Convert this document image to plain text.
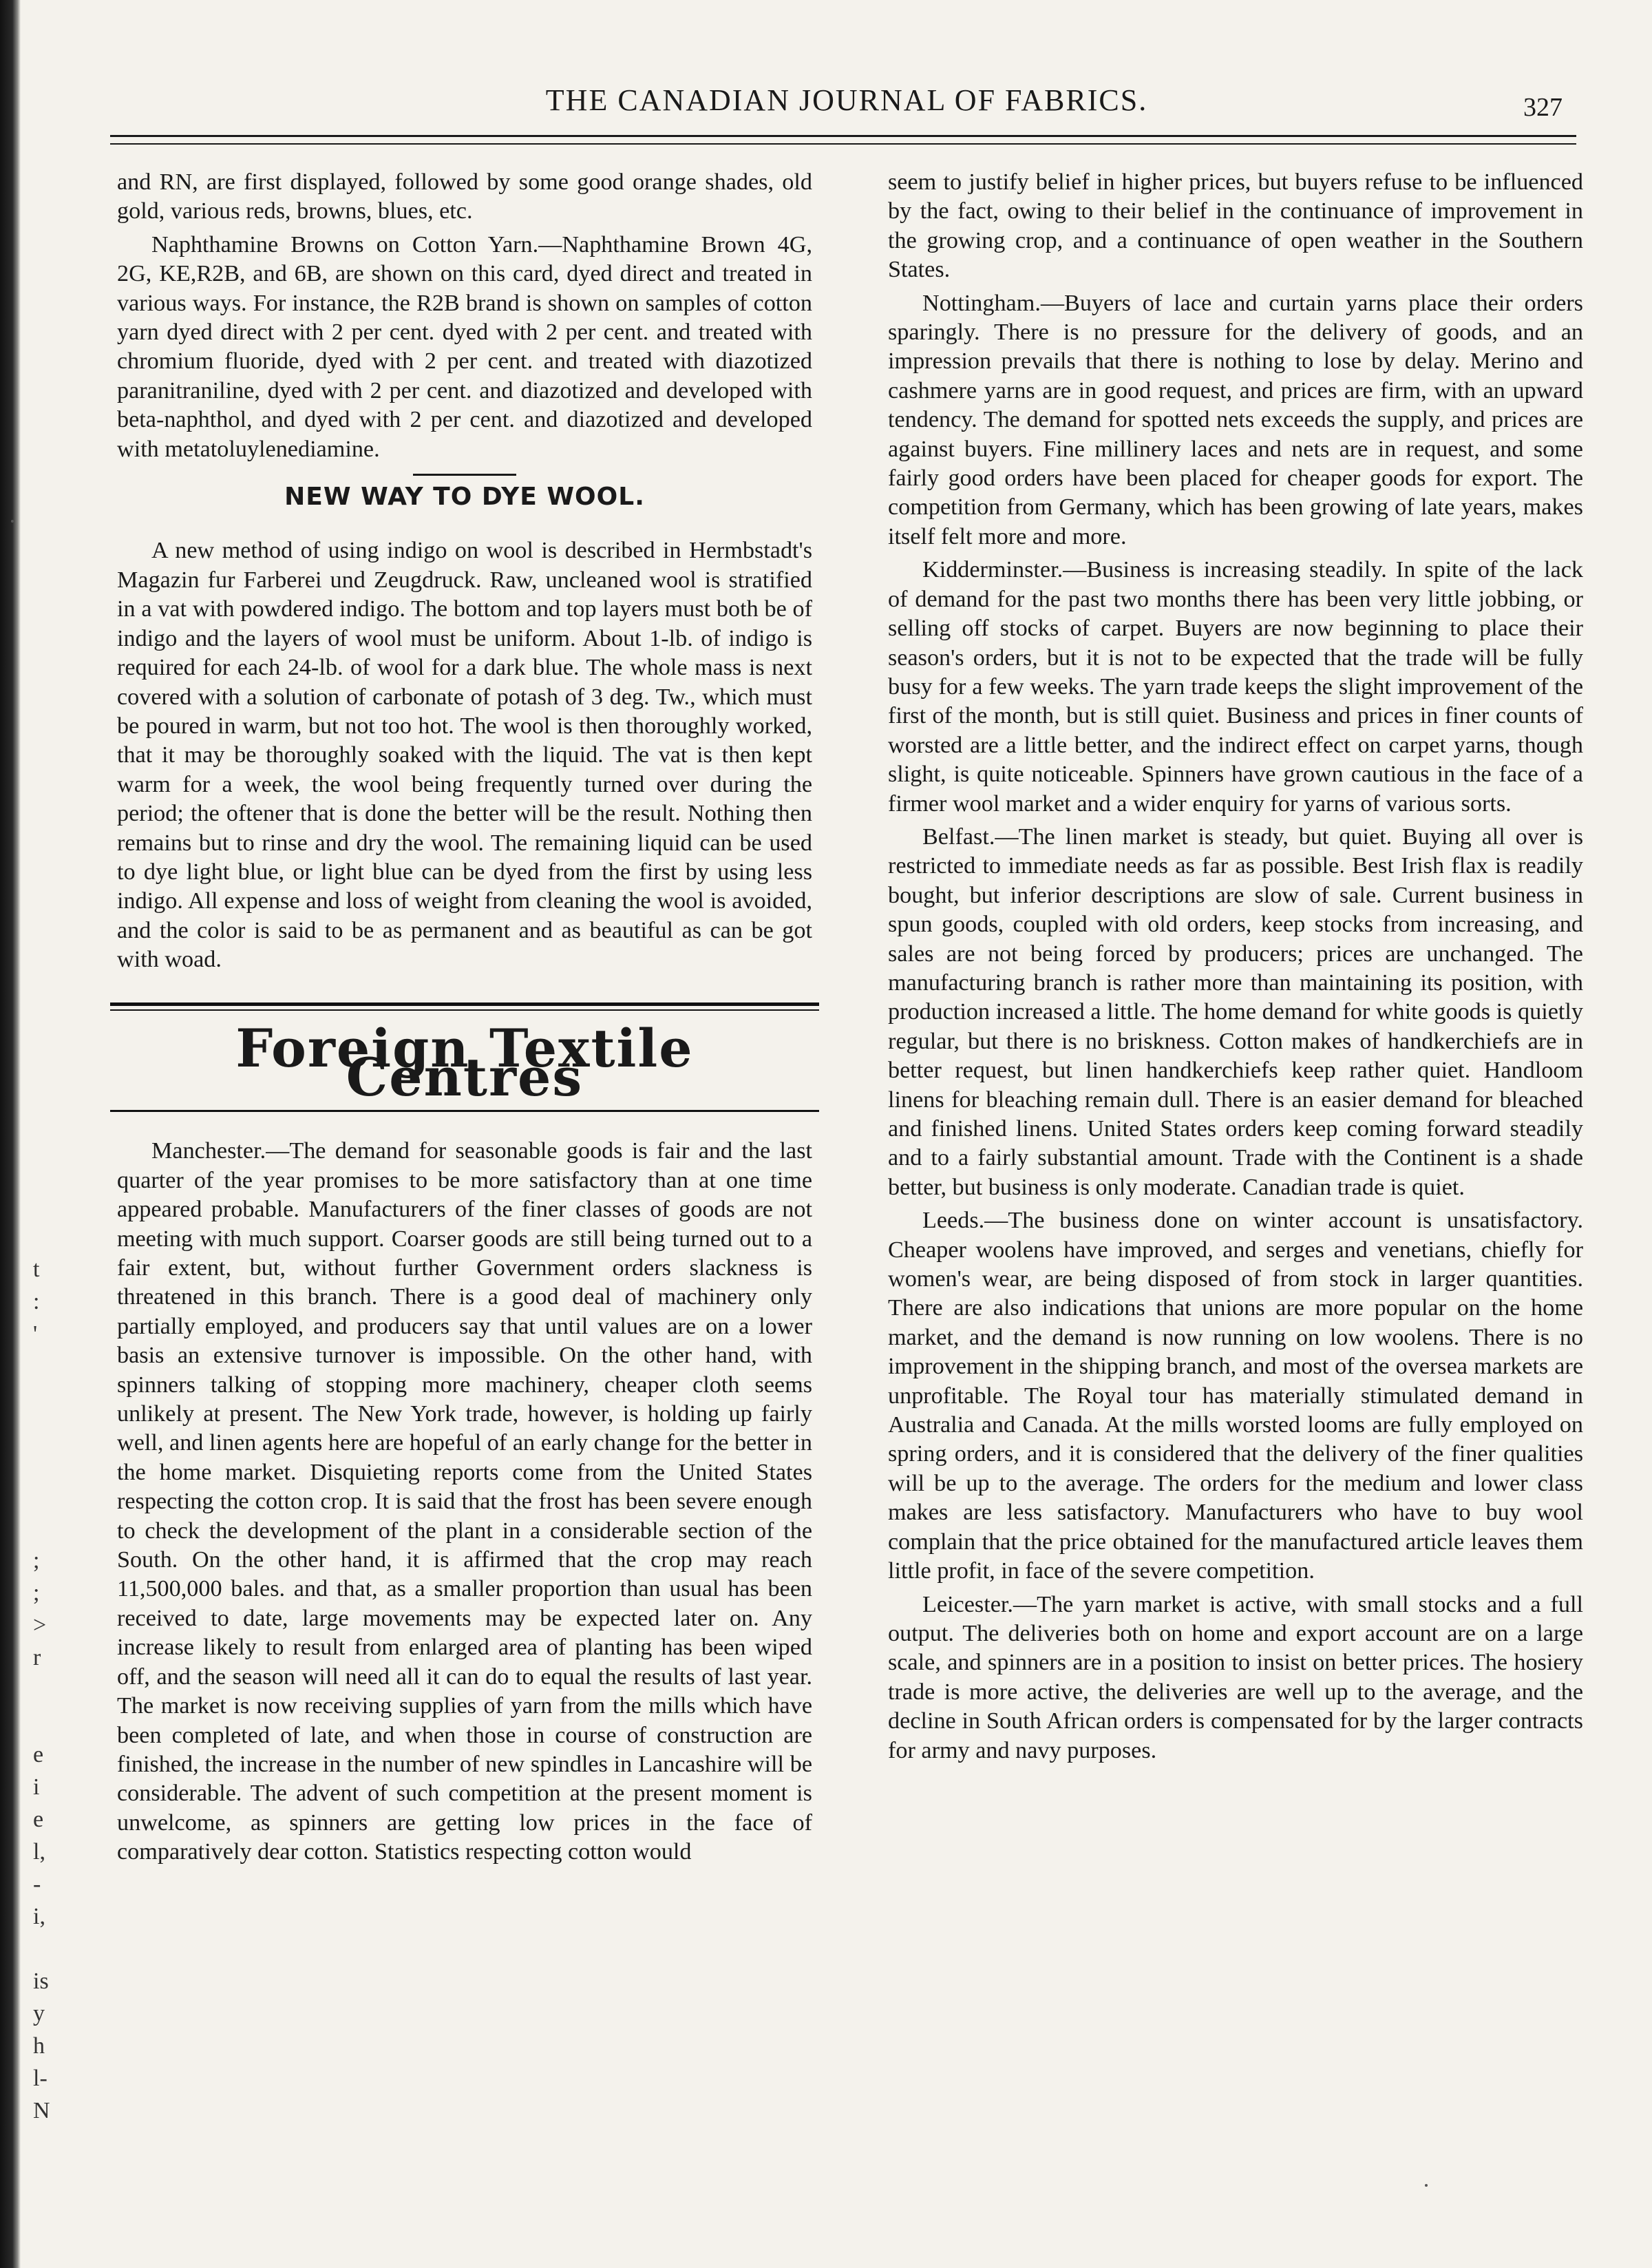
t
:
'
;
;
>
r
e
i
e
l,
-
i,
is
y
h
l-
N
THE CANADIAN JOURNAL OF FABRICS.	327

and RN, are first displayed, followed by some good orange shades, old gold, various reds, browns, blues, etc.

Naphthamine Browns on Cotton Yarn.—Naphthamine Brown 4G, 2G, KE,R2B, and 6B, are shown on this card, dyed direct and treated in various ways. For instance, the R2B brand is shown on samples of cotton yarn dyed direct with 2 per cent. dyed with 2 per cent. and treated with chromium fluoride, dyed with 2 per cent. and treated with diazotized paranitraniline, dyed with 2 per cent. and diazotized and developed with beta-naphthol, and dyed with 2 per cent. and diazotized and developed with metatoluylenediamine.

NEW WAY TO DYE WOOL.

A new method of using indigo on wool is described in Hermbstadt's Magazin fur Farberei und Zeugdruck. Raw, uncleaned wool is stratified in a vat with powdered indigo. The bottom and top layers must both be of indigo and the layers of wool must be uniform. About 1-lb. of indigo is required for each 24-lb. of wool for a dark blue. The whole mass is next covered with a solution of carbonate of potash of 3 deg. Tw., which must be poured in warm, but not too hot. The wool is then thoroughly worked, that it may be thoroughly soaked with the liquid. The vat is then kept warm for a week, the wool being frequently turned over during the period; the oftener that is done the better will be the result. Nothing then remains but to rinse and dry the wool. The remaining liquid can be used to dye light blue, or light blue can be dyed from the first by using less indigo. All expense and loss of weight from cleaning the wool is avoided, and the color is said to be as permanent and as beautiful as can be got with woad.

Foreign Textile Centres

Manchester.—The demand for seasonable goods is fair and the last quarter of the year promises to be more satisfactory than at one time appeared probable. Manufacturers of the finer classes of goods are not meeting with much support. Coarser goods are still being turned out to a fair extent, but, without further Government orders slackness is threatened in this branch. There is a good deal of machinery only partially employed, and producers say that until values are on a lower basis an extensive turnover is impossible. On the other hand, with spinners talking of stopping more machinery, cheaper cloth seems unlikely at present. The New York trade, however, is holding up fairly well, and linen agents here are hopeful of an early change for the better in the home market. Disquieting reports come from the United States respecting the cotton crop. It is said that the frost has been severe enough to check the development of the plant in a considerable section of the South. On the other hand, it is affirmed that the crop may reach 11,500,000 bales. and that, as a smaller proportion than usual has been received to date, large movements may be expected later on. Any increase likely to result from enlarged area of planting has been wiped off, and the season will need all it can do to equal the results of last year. The market is now receiving supplies of yarn from the mills which have been completed of late, and when those in course of construction are finished, the increase in the number of new spindles in Lancashire will be considerable. The advent of such competition at the present moment is unwelcome, as spinners are getting low prices in the face of comparatively dear cotton. Statistics respecting cotton would

seem to justify belief in higher prices, but buyers refuse to be influenced by the fact, owing to their belief in the continuance of improvement in the growing crop, and a continuance of open weather in the Southern States.

Nottingham.—Buyers of lace and curtain yarns place their orders sparingly. There is no pressure for the delivery of goods, and an impression prevails that there is nothing to lose by delay. Merino and cashmere yarns are in good request, and prices are firm, with an upward tendency. The demand for spotted nets exceeds the supply, and prices are against buyers. Fine millinery laces and nets are in request, and some fairly good orders have been placed for cheaper goods for export. The competition from Germany, which has been growing of late years, makes itself felt more and more.

Kidderminster.—Business is increasing steadily. In spite of the lack of demand for the past two months there has been very little jobbing, or selling off stocks of carpet. Buyers are now beginning to place their season's orders, but it is not to be expected that the trade will be fully busy for a few weeks. The yarn trade keeps the slight improvement of the first of the month, but is still quiet. Business and prices in finer counts of worsted are a little better, and the indirect effect on carpet yarns, though slight, is quite noticeable. Spinners have grown cautious in the face of a firmer wool market and a wider enquiry for yarns of various sorts.

Belfast.—The linen market is steady, but quiet. Buying all over is restricted to immediate needs as far as possible. Best Irish flax is readily bought, but inferior descriptions are slow of sale. Current business in spun goods, coupled with old orders, keep stocks from increasing, and sales are not being forced by producers; prices are unchanged. The manufacturing branch is rather more than maintaining its position, with production increased a little. The home demand for white goods is quietly regular, but there is no briskness. Cotton makes of handkerchiefs are in better request, but linen handkerchiefs keep rather quiet. Handloom linens for bleaching remain dull. There is an easier demand for bleached and finished linens. United States orders keep coming forward steadily and to a fairly substantial amount. Trade with the Continent is a shade better, but business is only moderate. Canadian trade is quiet.

Leeds.—The business done on winter account is unsatisfactory. Cheaper woolens have improved, and serges and venetians, chiefly for women's wear, are being disposed of from stock in larger quantities. There are also indications that unions are more popular on the home market, and the demand is now running on low woolens. There is no improvement in the shipping branch, and most of the oversea markets are unprofitable. The Royal tour has materially stimulated demand in Australia and Canada. At the mills worsted looms are fully employed on spring orders, and it is considered that the delivery of the finer qualities will be up to the average. The orders for the medium and lower class makes are less satisfactory. Manufacturers who have to buy wool complain that the price obtained for the manufactured article leaves them little profit, in face of the severe competition.

Leicester.—The yarn market is active, with small stocks and a full output. The deliveries both on home and export account are on a large scale, and spinners are in a position to insist on better prices. The hosiery trade is more active, the deliveries are well up to the average, and the decline in South African orders is compensated for by the larger contracts for army and navy purposes.
